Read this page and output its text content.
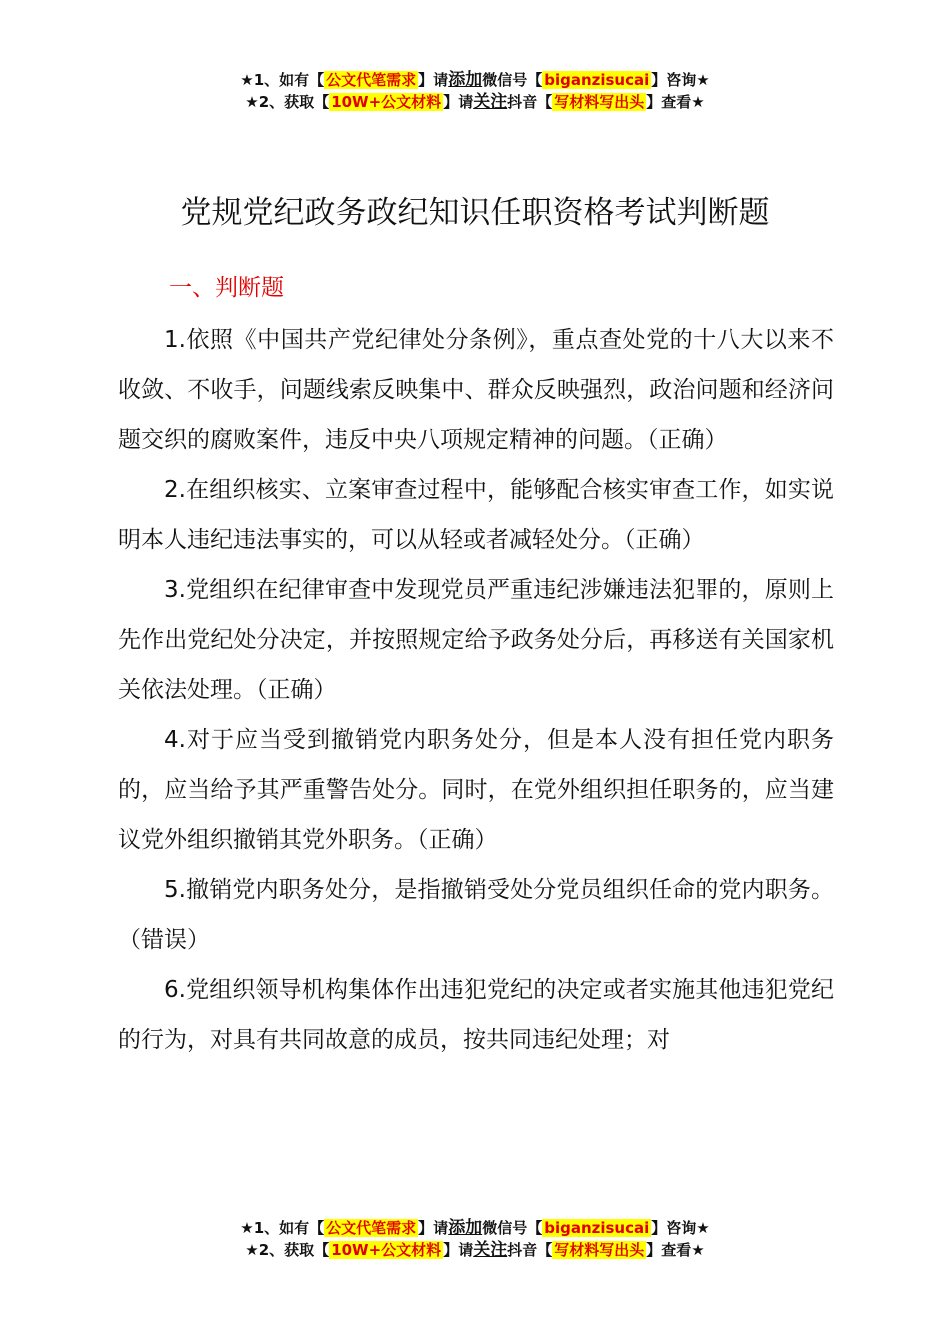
★1、如有【 公文代笔需求 】请添加微信号【 biganzisucai 】咨询★
★2、获取【 10W+公文材料 】请关注抖音【 写材料写出头 】查看★
党规党纪政务政纪知识任职资格考试判断题
一、判断题

1.依照《中国共产党纪律处分条例》，重点查处党的十八大以来不收敛、不收手，问题线索反映集中、群众反映强烈，政治问题和经济问题交织的腐败案件，违反中央八项规定精神的问题。（正确）

2.在组织核实、立案审查过程中，能够配合核实审查工作，如实说明本人违纪违法事实的，可以从轻或者减轻处分。（正确）

3.党组织在纪律审查中发现党员严重违纪涉嫌违法犯罪的，原则上先作出党纪处分决定，并按照规定给予政务处分后，再移送有关国家机关依法处理。（正确）

4.对于应当受到撤销党内职务处分，但是本人没有担任党内职务的，应当给予其严重警告处分。同时，在党外组织担任职务的，应当建议党外组织撤销其党外职务。（正确）

5.撤销党内职务处分，是指撤销受处分党员组织任命的党内职务。（错误）

6.党组织领导机构集体作出违犯党纪的决定或者实施其他违犯党纪的行为，对具有共同故意的成员，按共同违纪处理；对

★1、如有【 公文代笔需求 】请添加微信号【 biganzisucai 】咨询★
★2、获取【 10W+公文材料 】请关注抖音【 写材料写出头 】查看★
